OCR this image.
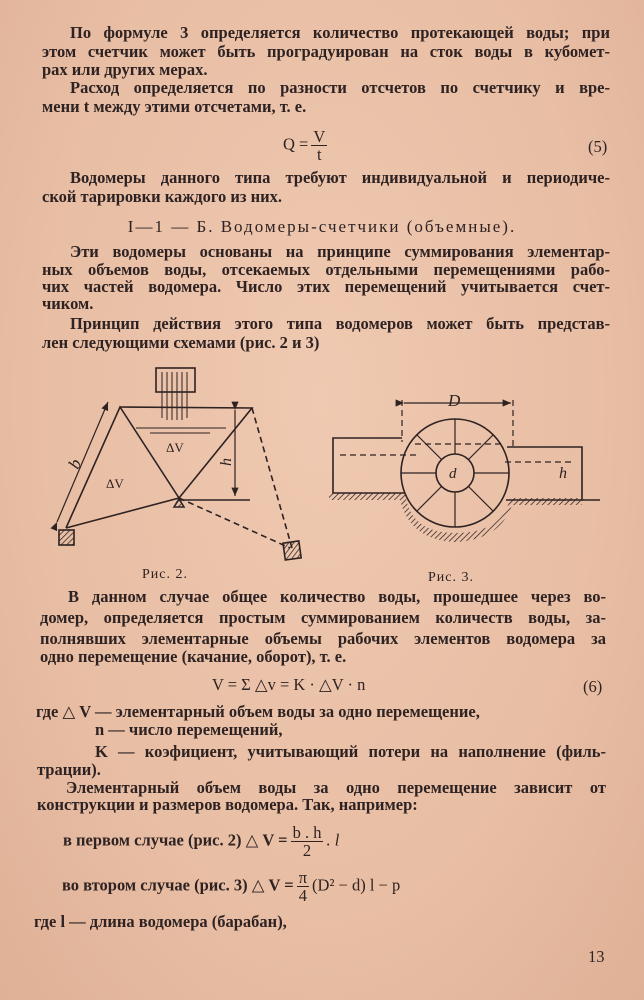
По формуле 3 определяется количество протекающей воды; при
этом счетчик может быть проградуирован на сток воды в кубомет-
рах или других мерах.
Расход определяется по разности отсчетов по счетчику и вре-
мени t между этими отсчетами, т. е.
$Q = \frac{V}{t}$	(5)
Водомеры данного типа требуют индивидуальной и периодиче-
ской тарировки каждого из них.
I—1 — Б. Водомеры-счетчики (объемные).
Эти водомеры основаны на принципе суммирования элементар-
ных объемов воды, отсекаемых отдельными перемещениями рабо-
чих частей водомера. Число этих перемещений учитывается счет-
чиком.
Принцип действия этого типа водомеров может быть представ-
лен следующими схемами (рис. 2 и 3)
b	h
ΔV
ΔV
Рис. 2.
D
d	h
Рис. 3.
В данном случае общее количество воды, прошедшее через во-
домер, определяется простым суммированием количеств воды, за-
полнявших элементарные объемы рабочих элементов водомера за
одно перемещение (качание, оборот), т. е.
V = Σ △v = K · △V · n	(6)
где △ V — элементарный объем воды за одно перемещение,
n — число перемещений,
K — коэфициент, учитывающий потери на наполнение (филь-
трации).
Элементарный объем воды за одно перемещение зависит от
конструкции и размеров водомера. Так, например:
в первом случае (рис. 2) △ $V = \frac{b . h}{2}$ . l
во втором случае (рис. 3) △ $V = \frac{\pi}{4} (D^2 - d) l - p$
где l — длина водомера (барабан),
13
